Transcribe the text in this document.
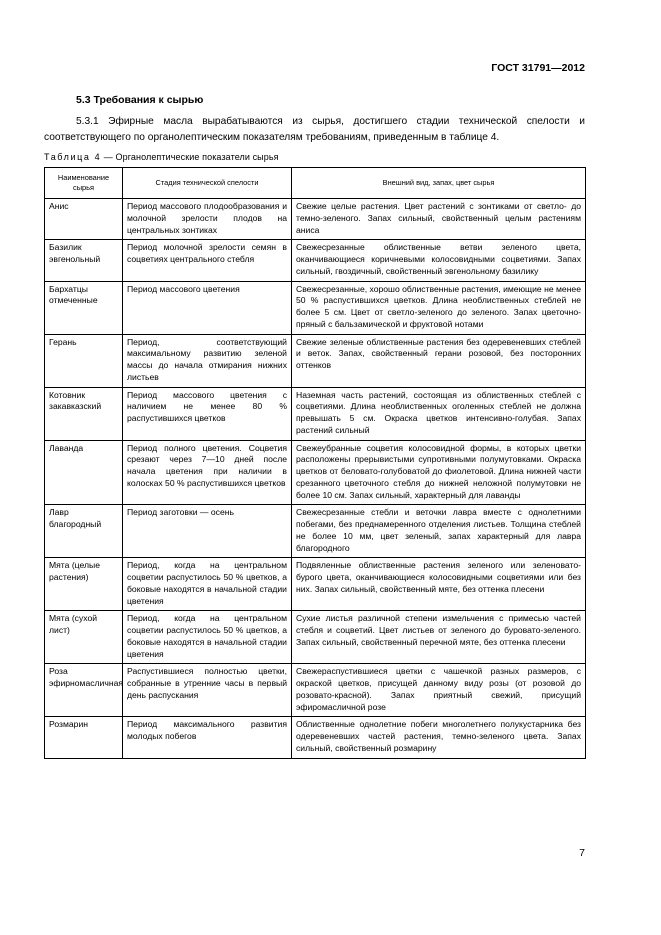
ГОСТ 31791—2012
5.3 Требования к сырью
5.3.1 Эфирные масла вырабатываются из сырья, достигшего стадии технической спелости и соответствующего по органолептическим показателям требованиям, приведенным в таблице 4.
Таблица 4 — Органолептические показатели сырья
Наименование сырья	Стадия технической спелости	Внешний вид, запах, цвет сырья
Анис	Период массового плодообразования и молочной зрелости плодов на центральных зонтиках	Свежие целые растения. Цвет растений с зонтиками от светло- до темно-зеленого. Запах сильный, свойственный целым растениям аниса
Базилик эвгенольный	Период молочной зрелости семян в соцветиях центрального стебля	Свежесрезанные облиственные ветви зеленого цвета, оканчивающиеся коричневыми колосовидными соцветиями. Запах сильный, гвоздичный, свойственный эвгенольному базилику
Бархатцы отмеченные	Период массового цветения	Свежесрезанные, хорошо облиственные растения, имеющие не менее 50 % распустившихся цветков. Длина необлиственных стеблей не более 5 см. Цвет от светло-зеленого до зеленого. Запах цветочно-пряный с бальзамической и фруктовой нотами
Герань	Период, соответствующий максимальному развитию зеленой массы до начала отмирания нижних листьев	Свежие зеленые облиственные растения без одеревеневших стеблей и веток. Запах, свойственный герани розовой, без посторонних оттенков
Котовник закавказский	Период массового цветения с наличием не менее 80 % распустившихся цветков	Наземная часть растений, состоящая из облиственных стеблей с соцветиями. Длина необлиственных оголенных стеблей не должна превышать 5 см. Окраска цветков интенсивно-голубая. Запах растений сильный
Лаванда	Период полного цветения. Соцветия срезают через 7—10 дней после начала цветения при наличии в колосках 50 % распустившихся цветков	Свежеубранные соцветия колосовидной формы, в которых цветки расположены прерывистыми супротивными полумутовками. Окраска цветков от беловато-голубоватой до фиолетовой. Длина нижней части срезанного цветочного стебля до нижней неложной полумутовки не более 10 см. Запах сильный, характерный для лаванды
Лавр благородный	Период заготовки — осень	Свежесрезанные стебли и веточки лавра вместе с однолетними побегами, без преднамеренного отделения листьев. Толщина стеблей не более 10 мм, цвет зеленый, запах характерный для лавра благородного
Мята (целые растения)	Период, когда на центральном соцветии распустилось 50 % цветков, а боковые находятся в начальной стадии цветения	Подвяленные облиственные растения зеленого или зеленовато-бурого цвета, оканчивающиеся колосовидными соцветиями или без них. Запах сильный, свойственный мяте, без оттенка плесени
Мята (сухой лист)	Период, когда на центральном соцветии распустилось 50 % цветков, а боковые находятся в начальной стадии цветения	Сухие листья различной степени измельчения с примесью частей стебля и соцветий. Цвет листьев от зеленого до буровато-зеленого. Запах сильный, свойственный перечной мяте, без оттенка плесени
Роза эфирномасличная	Распустившиеся полностью цветки, собранные в утренние часы в первый день распускания	Свежераспустившиеся цветки с чашечкой разных размеров, с окраской цветков, присущей данному виду розы (от розовой до розовато-красной). Запах приятный свежий, присущий эфиромасличной розе
Розмарин	Период максимального развития молодых побегов	Облиственные однолетние побеги многолетнего полукустарника без одеревеневших частей растения, темно-зеленого цвета. Запах сильный, свойственный розмарину
7
